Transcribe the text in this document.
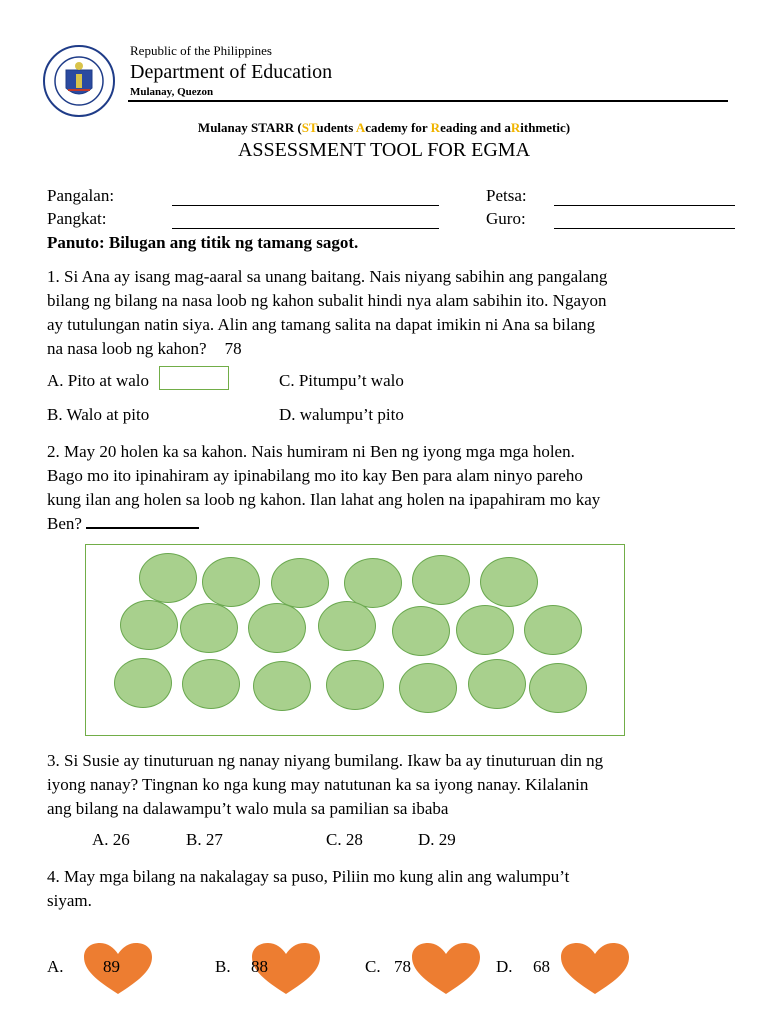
Republic of the Philippines
Department of Education
Mulanay, Quezon
Mulanay STARR (STudents Academy for Reading and aRithmetic)
ASSESSMENT TOOL FOR EGMA
Pangalan:
Pangkat:
Petsa:
Guro:
Panuto: Bilugan ang titik ng tamang sagot.
1. Si Ana ay isang mag-aaral sa unang baitang. Nais niyang sabihin ang pangalang
bilang ng bilang na nasa loob ng kahon subalit hindi nya alam sabihin ito. Ngayon
ay tutulungan natin siya. Alin ang tamang salita na dapat imikin ni Ana sa bilang
na nasa loob ng kahon? 78
A. Pito at walo	C. Pitumpu’t walo
B. Walo at pito	D. walumpu’t pito
2. May 20 holen ka sa kahon. Nais humiram ni Ben ng iyong mga mga holen.
Bago mo ito ipinahiram ay ipinabilang mo ito kay Ben para alam ninyo pareho
kung ilan ang holen sa loob ng kahon. Ilan lahat ang holen na ipapahiram mo kay
Ben?
3. Si Susie ay tinuturuan ng nanay niyang bumilang. Ikaw ba ay tinuturuan din ng
iyong nanay? Tingnan ko nga kung may natutunan ka sa iyong nanay. Kilalanin
ang bilang na dalawampu’t walo mula sa pamilian sa ibaba
A. 26	B. 27	C. 28	D. 29
4. May mga bilang na nakalagay sa puso, Piliin mo kung alin ang walumpu’t
siyam.
A.	B.	C.	D.
89	88	78	68
